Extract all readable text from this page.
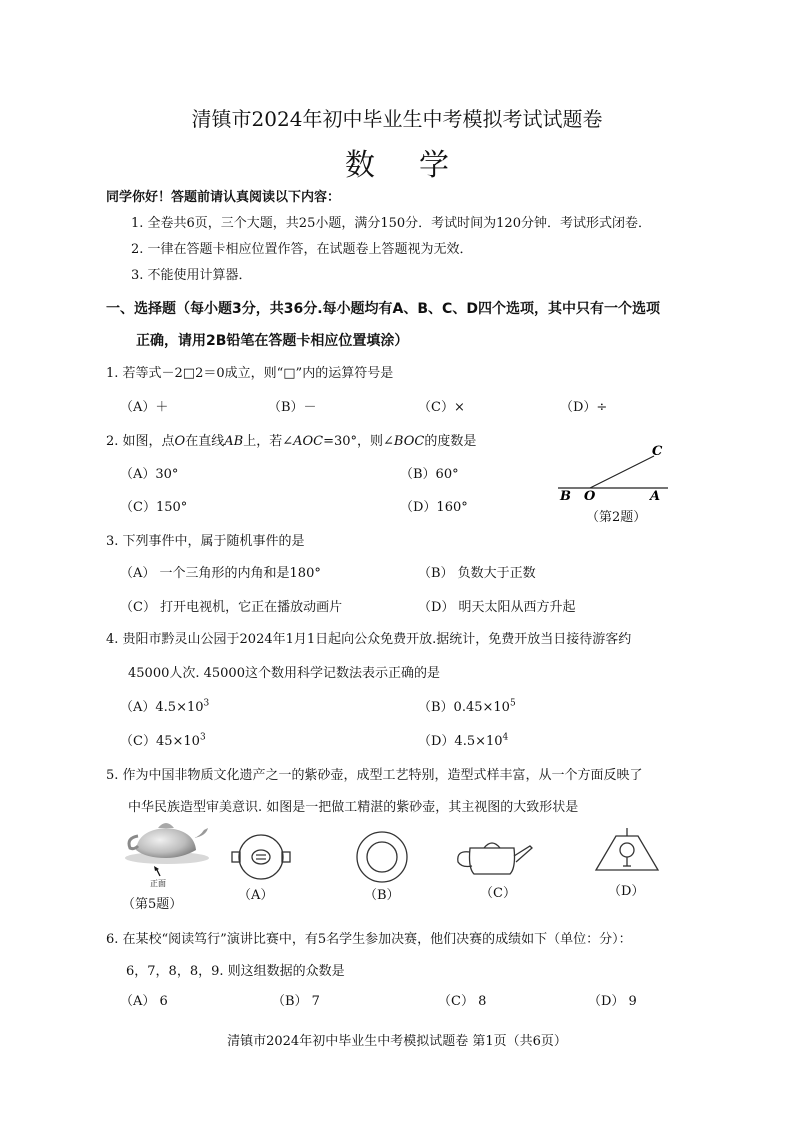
清镇市2024年初中毕业生中考模拟考试试题卷
数学
同学你好！答题前请认真阅读以下内容：
1. 全卷共6页，三个大题，共25小题，满分150分．考试时间为120分钟．考试形式闭卷．
2. 一律在答题卡相应位置作答，在试题卷上答题视为无效．
3. 不能使用计算器．
一、选择题（每小题3分，共36分.每小题均有A、B、C、D四个选项，其中只有一个选项
正确，请用2B铅笔在答题卡相应位置填涂）
1. 若等式－2□2＝0成立，则“□”内的运算符号是
（A）＋	（B）－	（C）×	（D）÷
2. 如图，点O在直线AB上，若∠AOC=30°，则∠BOC的度数是
（A）30°	（B）60°
（C）150°	（D）160°
C
B O	A
（第2题）
3. 下列事件中，属于随机事件的是
（A） 一个三角形的内角和是180°	（B） 负数大于正数
（C） 打开电视机，它正在播放动画片	（D） 明天太阳从西方升起
4. 贵阳市黔灵山公园于2024年1月1日起向公众免费开放.据统计，免费开放当日接待游客约
45000人次. 45000这个数用科学记数法表示正确的是
$(A)4.5\times 10^3$	$(B)0.45\times 10^5$
$(C)45\times 10^3$	$(D)4.5\times 10^4$
5. 作为中国非物质文化遗产之一的紫砂壶，成型工艺特别，造型式样丰富，从一个方面反映了
中华民族造型审美意识. 如图是一把做工精湛的紫砂壶，其主视图的大致形状是
正面
（第5题）
（A）	（B）	（C）	（D）
6. 在某校“阅读笃行”演讲比赛中，有5名学生参加决赛，他们决赛的成绩如下（单位：分）：
6，7，8，8，9. 则这组数据的众数是
（A） 6	（B） 7	（C） 8	（D） 9
清镇市2024年初中毕业生中考模拟试题卷 第1页（共6页）
